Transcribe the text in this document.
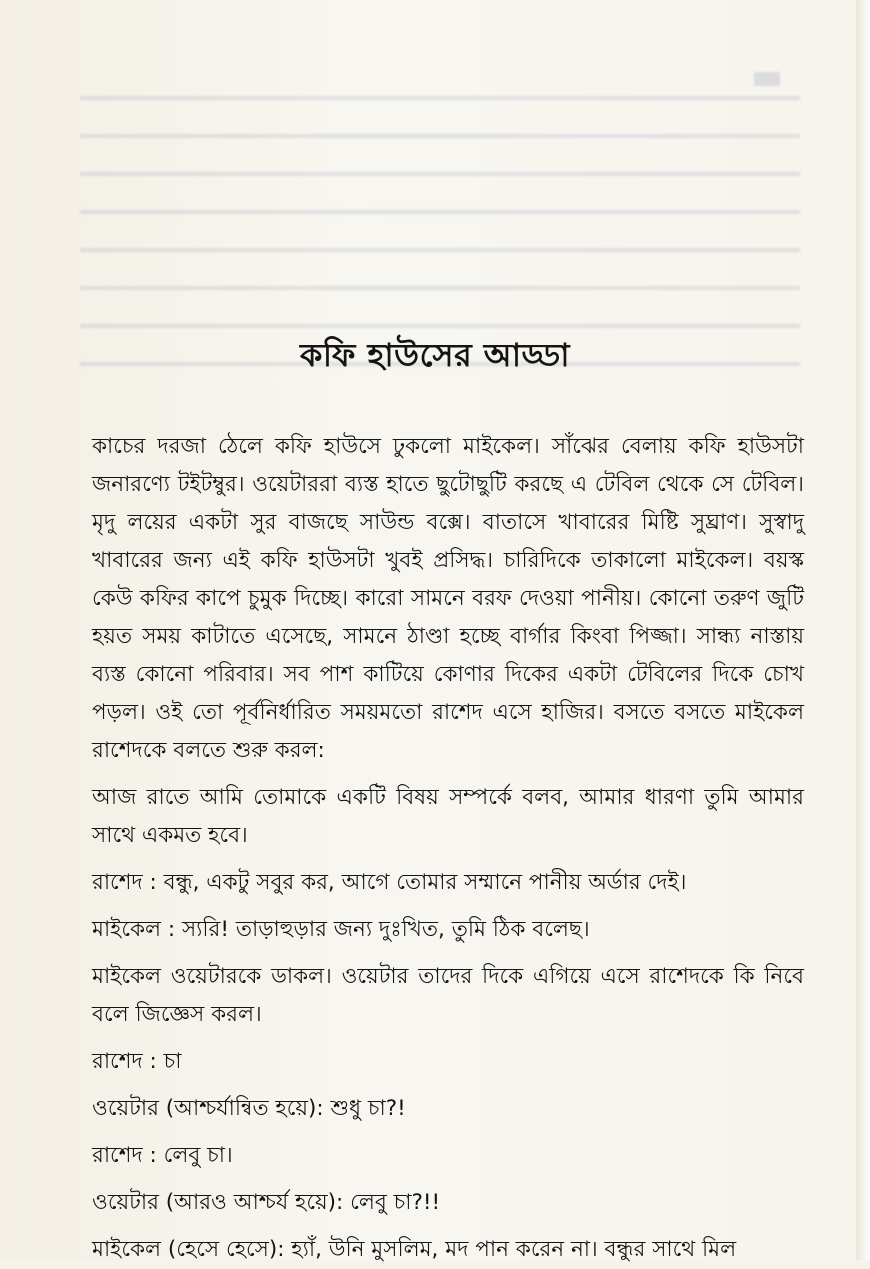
কফি হাউসের আড্ডা

কাচের দরজা ঠেলে কফি হাউসে ঢুকলো মাইকেল। সাঁঝের বেলায় কফি হাউসটা জনারণ্যে টইটম্বুর। ওয়েটাররা ব্যস্ত হাতে ছুটোছুটি করছে এ টেবিল থেকে সে টেবিল। মৃদু লয়ের একটা সুর বাজছে সাউন্ড বক্সে। বাতাসে খাবারের মিষ্টি সুঘ্রাণ। সুস্বাদু খাবারের জন্য এই কফি হাউসটা খুবই প্রসিদ্ধ। চারিদিকে তাকালো মাইকেল। বয়স্ক কেউ কফির কাপে চুমুক দিচ্ছে। কারো সামনে বরফ দেওয়া পানীয়। কোনো তরুণ জুটি হয়ত সময় কাটাতে এসেছে, সামনে ঠাণ্ডা হচ্ছে বার্গার কিংবা পিজ্জা। সান্ধ্য নাস্তায় ব্যস্ত কোনো পরিবার। সব পাশ কাটিয়ে কোণার দিকের একটা টেবিলের দিকে চোখ পড়ল। ওই তো পূর্বনির্ধারিত সময়মতো রাশেদ এসে হাজির। বসতে বসতে মাইকেল রাশেদকে বলতে শুরু করল:

আজ রাতে আমি তোমাকে একটি বিষয় সম্পর্কে বলব, আমার ধারণা তুমি আমার সাথে একমত হবে।

রাশেদ : বন্ধু, একটু সবুর কর, আগে তোমার সম্মানে পানীয় অর্ডার দেই।

মাইকেল : স্যরি! তাড়াহুড়ার জন্য দুঃখিত, তুমি ঠিক বলেছ।

মাইকেল ওয়েটারকে ডাকল। ওয়েটার তাদের দিকে এগিয়ে এসে রাশেদকে কি নিবে বলে জিজ্ঞেস করল।

রাশেদ : চা

ওয়েটার (আশ্চর্যান্বিত হয়ে): শুধু চা?!

রাশেদ : লেবু চা।

ওয়েটার (আরও আশ্চর্য হয়ে): লেবু চা?!!

মাইকেল (হেসে হেসে): হ্যাঁ, উনি মুসলিম, মদ পান করেন না। বন্ধুর সাথে মিল
